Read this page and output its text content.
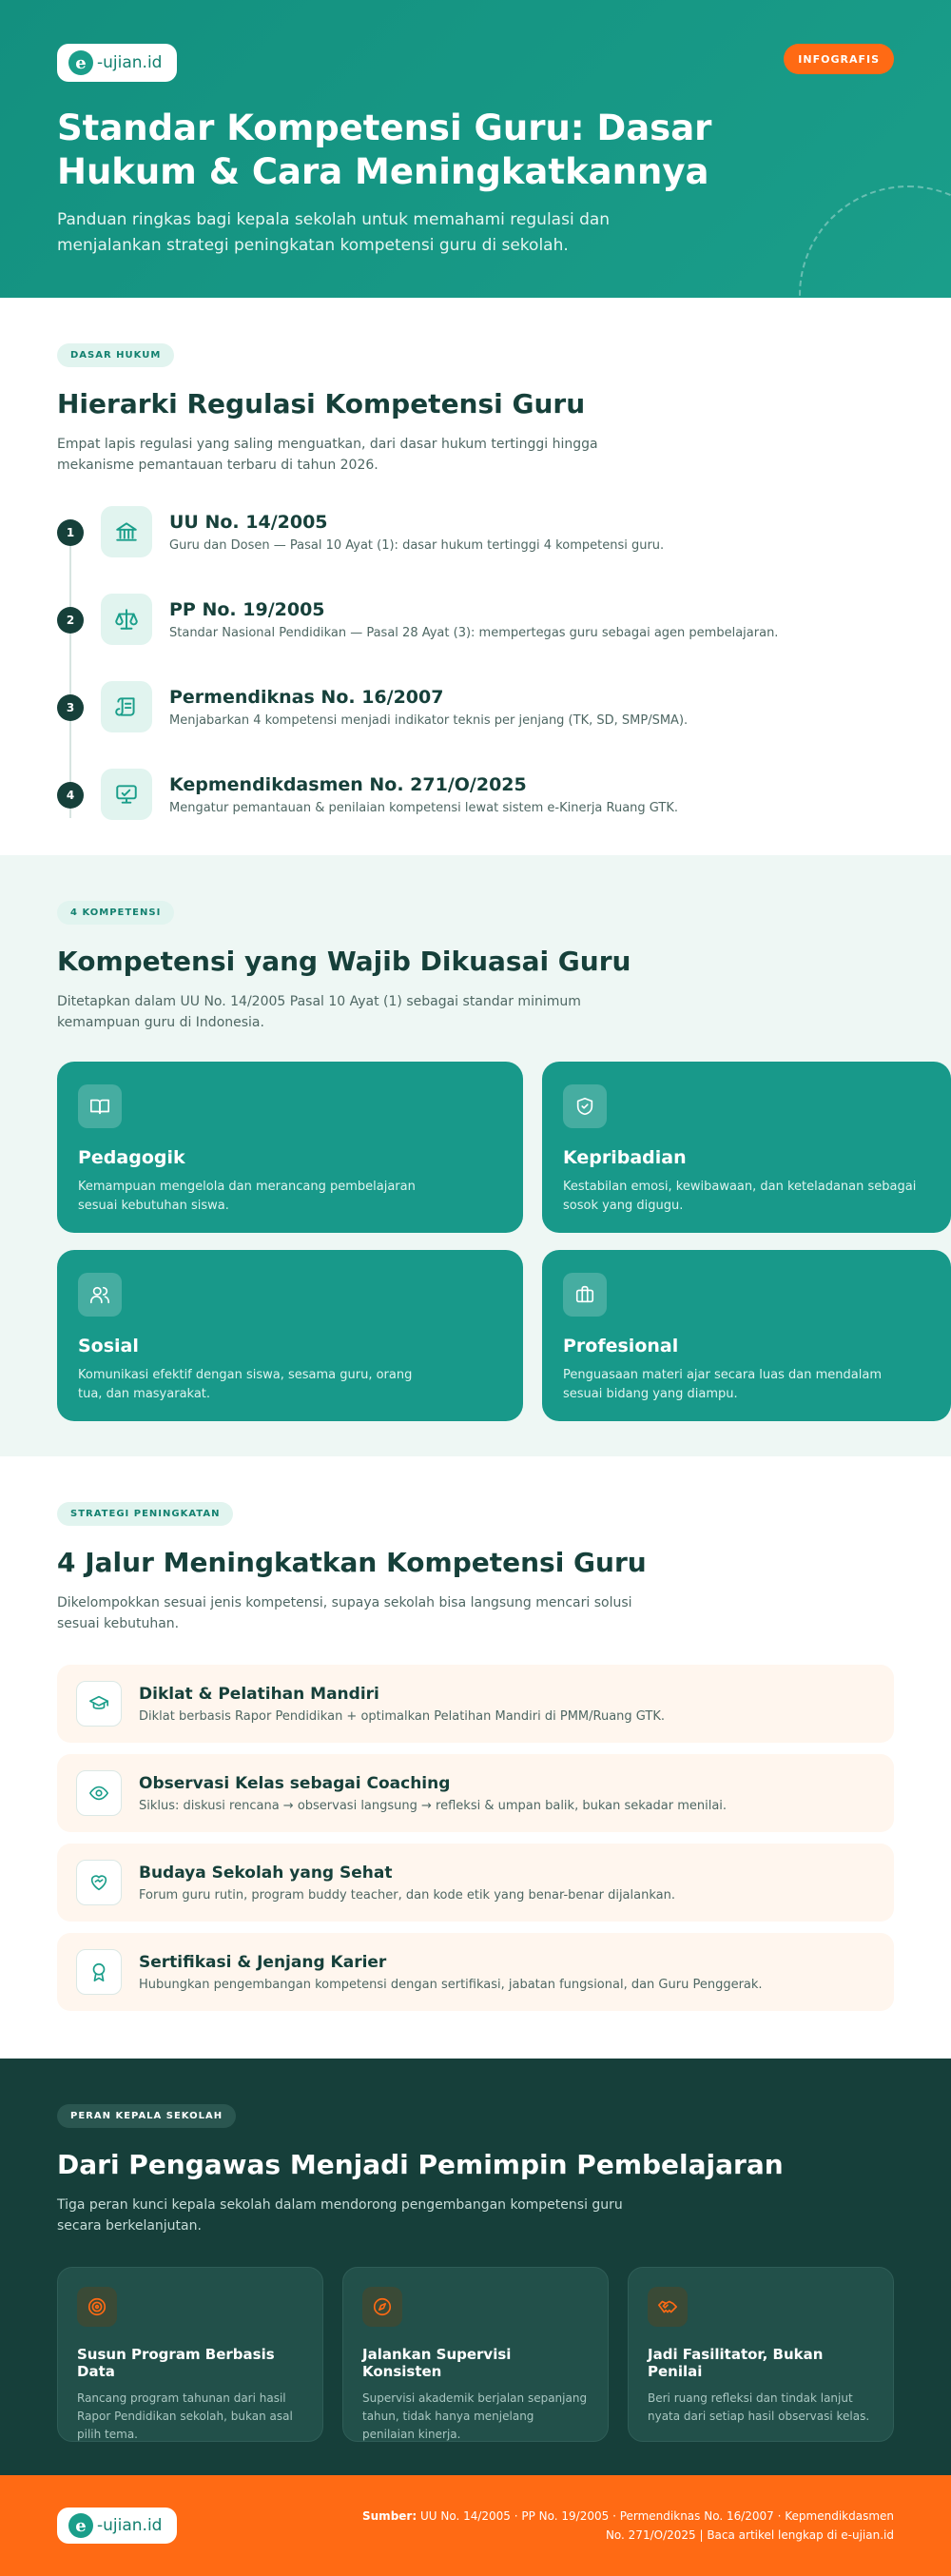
e -ujian.id	INFOGRAFIS
Standar Kompetensi Guru: Dasar Hukum & Cara Meningkatkannya

Panduan ringkas bagi kepala sekolah untuk memahami regulasi dan menjalankan strategi peningkatan kompetensi guru di sekolah.

DASAR HUKUM
Hierarki Regulasi Kompetensi Guru

Empat lapis regulasi yang saling menguatkan, dari dasar hukum tertinggi hingga mekanisme pemantauan terbaru di tahun 2026.

1	UU No. 14/2005
Guru dan Dosen — Pasal 10 Ayat (1): dasar hukum tertinggi 4 kompetensi guru.
2	PP No. 19/2005
Standar Nasional Pendidikan — Pasal 28 Ayat (3): mempertegas guru sebagai agen pembelajaran.
3	Permendiknas No. 16/2007
Menjabarkan 4 kompetensi menjadi indikator teknis per jenjang (TK, SD, SMP/SMA).
4	Kepmendikdasmen No. 271/O/2025
Mengatur pemantauan & penilaian kompetensi lewat sistem e-Kinerja Ruang GTK.
4 KOMPETENSI
Kompetensi yang Wajib Dikuasai Guru

Ditetapkan dalam UU No. 14/2005 Pasal 10 Ayat (1) sebagai standar minimum kemampuan guru di Indonesia.

Pedagogik
Kemampuan mengelola dan merancang pembelajaran sesuai kebutuhan siswa.
Kepribadian
Kestabilan emosi, kewibawaan, dan keteladanan sebagai sosok yang digugu.
Sosial
Komunikasi efektif dengan siswa, sesama guru, orang tua, dan masyarakat.
Profesional
Penguasaan materi ajar secara luas dan mendalam sesuai bidang yang diampu.
STRATEGI PENINGKATAN
4 Jalur Meningkatkan Kompetensi Guru

Dikelompokkan sesuai jenis kompetensi, supaya sekolah bisa langsung mencari solusi sesuai kebutuhan.

Diklat & Pelatihan Mandiri
Diklat berbasis Rapor Pendidikan + optimalkan Pelatihan Mandiri di PMM/Ruang GTK.
Observasi Kelas sebagai Coaching
Siklus: diskusi rencana → observasi langsung → refleksi & umpan balik, bukan sekadar menilai.
Budaya Sekolah yang Sehat
Forum guru rutin, program buddy teacher, dan kode etik yang benar-benar dijalankan.
Sertifikasi & Jenjang Karier
Hubungkan pengembangan kompetensi dengan sertifikasi, jabatan fungsional, dan Guru Penggerak.
PERAN KEPALA SEKOLAH
Dari Pengawas Menjadi Pemimpin Pembelajaran

Tiga peran kunci kepala sekolah dalam mendorong pengembangan kompetensi guru secara berkelanjutan.

Susun Program Berbasis Data
Rancang program tahunan dari hasil Rapor Pendidikan sekolah, bukan asal pilih tema.
Jalankan Supervisi Konsisten
Supervisi akademik berjalan sepanjang tahun, tidak hanya menjelang penilaian kinerja.
Jadi Fasilitator, Bukan Penilai
Beri ruang refleksi dan tindak lanjut nyata dari setiap hasil observasi kelas.
e -ujian.id	Sumber: UU No. 14/2005 · PP No. 19/2005 · Permendiknas No. 16/2007 · Kepmendikdasmen
No. 271/O/2025 | Baca artikel lengkap di e-ujian.id
